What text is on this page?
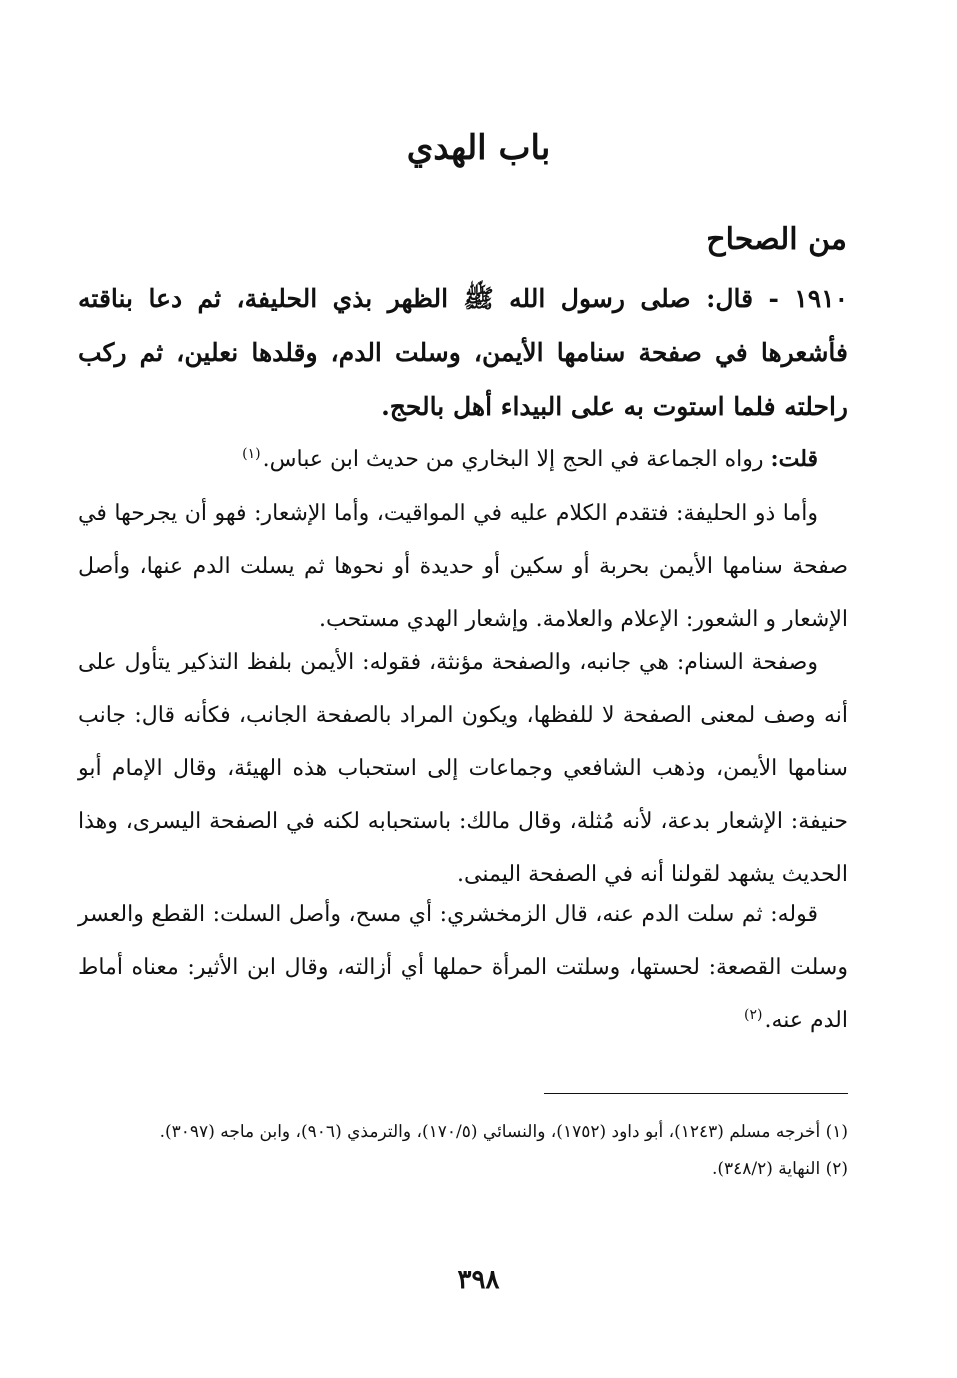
باب الهدي
من الصحاح

١٩١٠ - قال: صلى رسول الله ﷺ الظهر بذي الحليفة، ثم دعا بناقته فأشعرها في صفحة سنامها الأيمن، وسلت الدم، وقلدها نعلين، ثم ركب راحلته فلما استوت به على البيداء أهل بالحج.

قلت: رواه الجماعة في الحج إلا البخاري من حديث ابن عباس.$^{(١)}$

وأما ذو الحليفة: فتقدم الكلام عليه في المواقيت، وأما الإشعار: فهو أن يجرحها في صفحة سنامها الأيمن بحربة أو سكين أو حديدة أو نحوها ثم يسلت الدم عنها، وأصل الإشعار و الشعور: الإعلام والعلامة. وإشعار الهدي مستحب.

وصفحة السنام: هي جانبه، والصفحة مؤنثة، فقوله: الأيمن بلفظ التذكير يتأول على أنه وصف لمعنى الصفحة لا للفظها، ويكون المراد بالصفحة الجانب، فكأنه قال: جانب سنامها الأيمن، وذهب الشافعي وجماعات إلى استحباب هذه الهيئة، وقال الإمام أبو حنيفة: الإشعار بدعة، لأنه مُثلة، وقال مالك: باستحبابه لكنه في الصفحة اليسرى، وهذا الحديث يشهد لقولنا أنه في الصفحة اليمنى.

قوله: ثم سلت الدم عنه، قال الزمخشري: أي مسح، وأصل السلت: القطع والعسر وسلت القصعة: لحستها، وسلتت المرأة حملها أي أزالته، وقال ابن الأثير: معناه أماط الدم عنه.$^{(٢)}$

(١) أخرجه مسلم (١٢٤٣)، أبو داود (١٧٥٢)، والنسائي (١٧٠/٥)، والترمذي (٩٠٦)، وابن ماجه (٣٠٩٧).

(٢) النهاية (٣٤٨/٢).

٣٩٨
